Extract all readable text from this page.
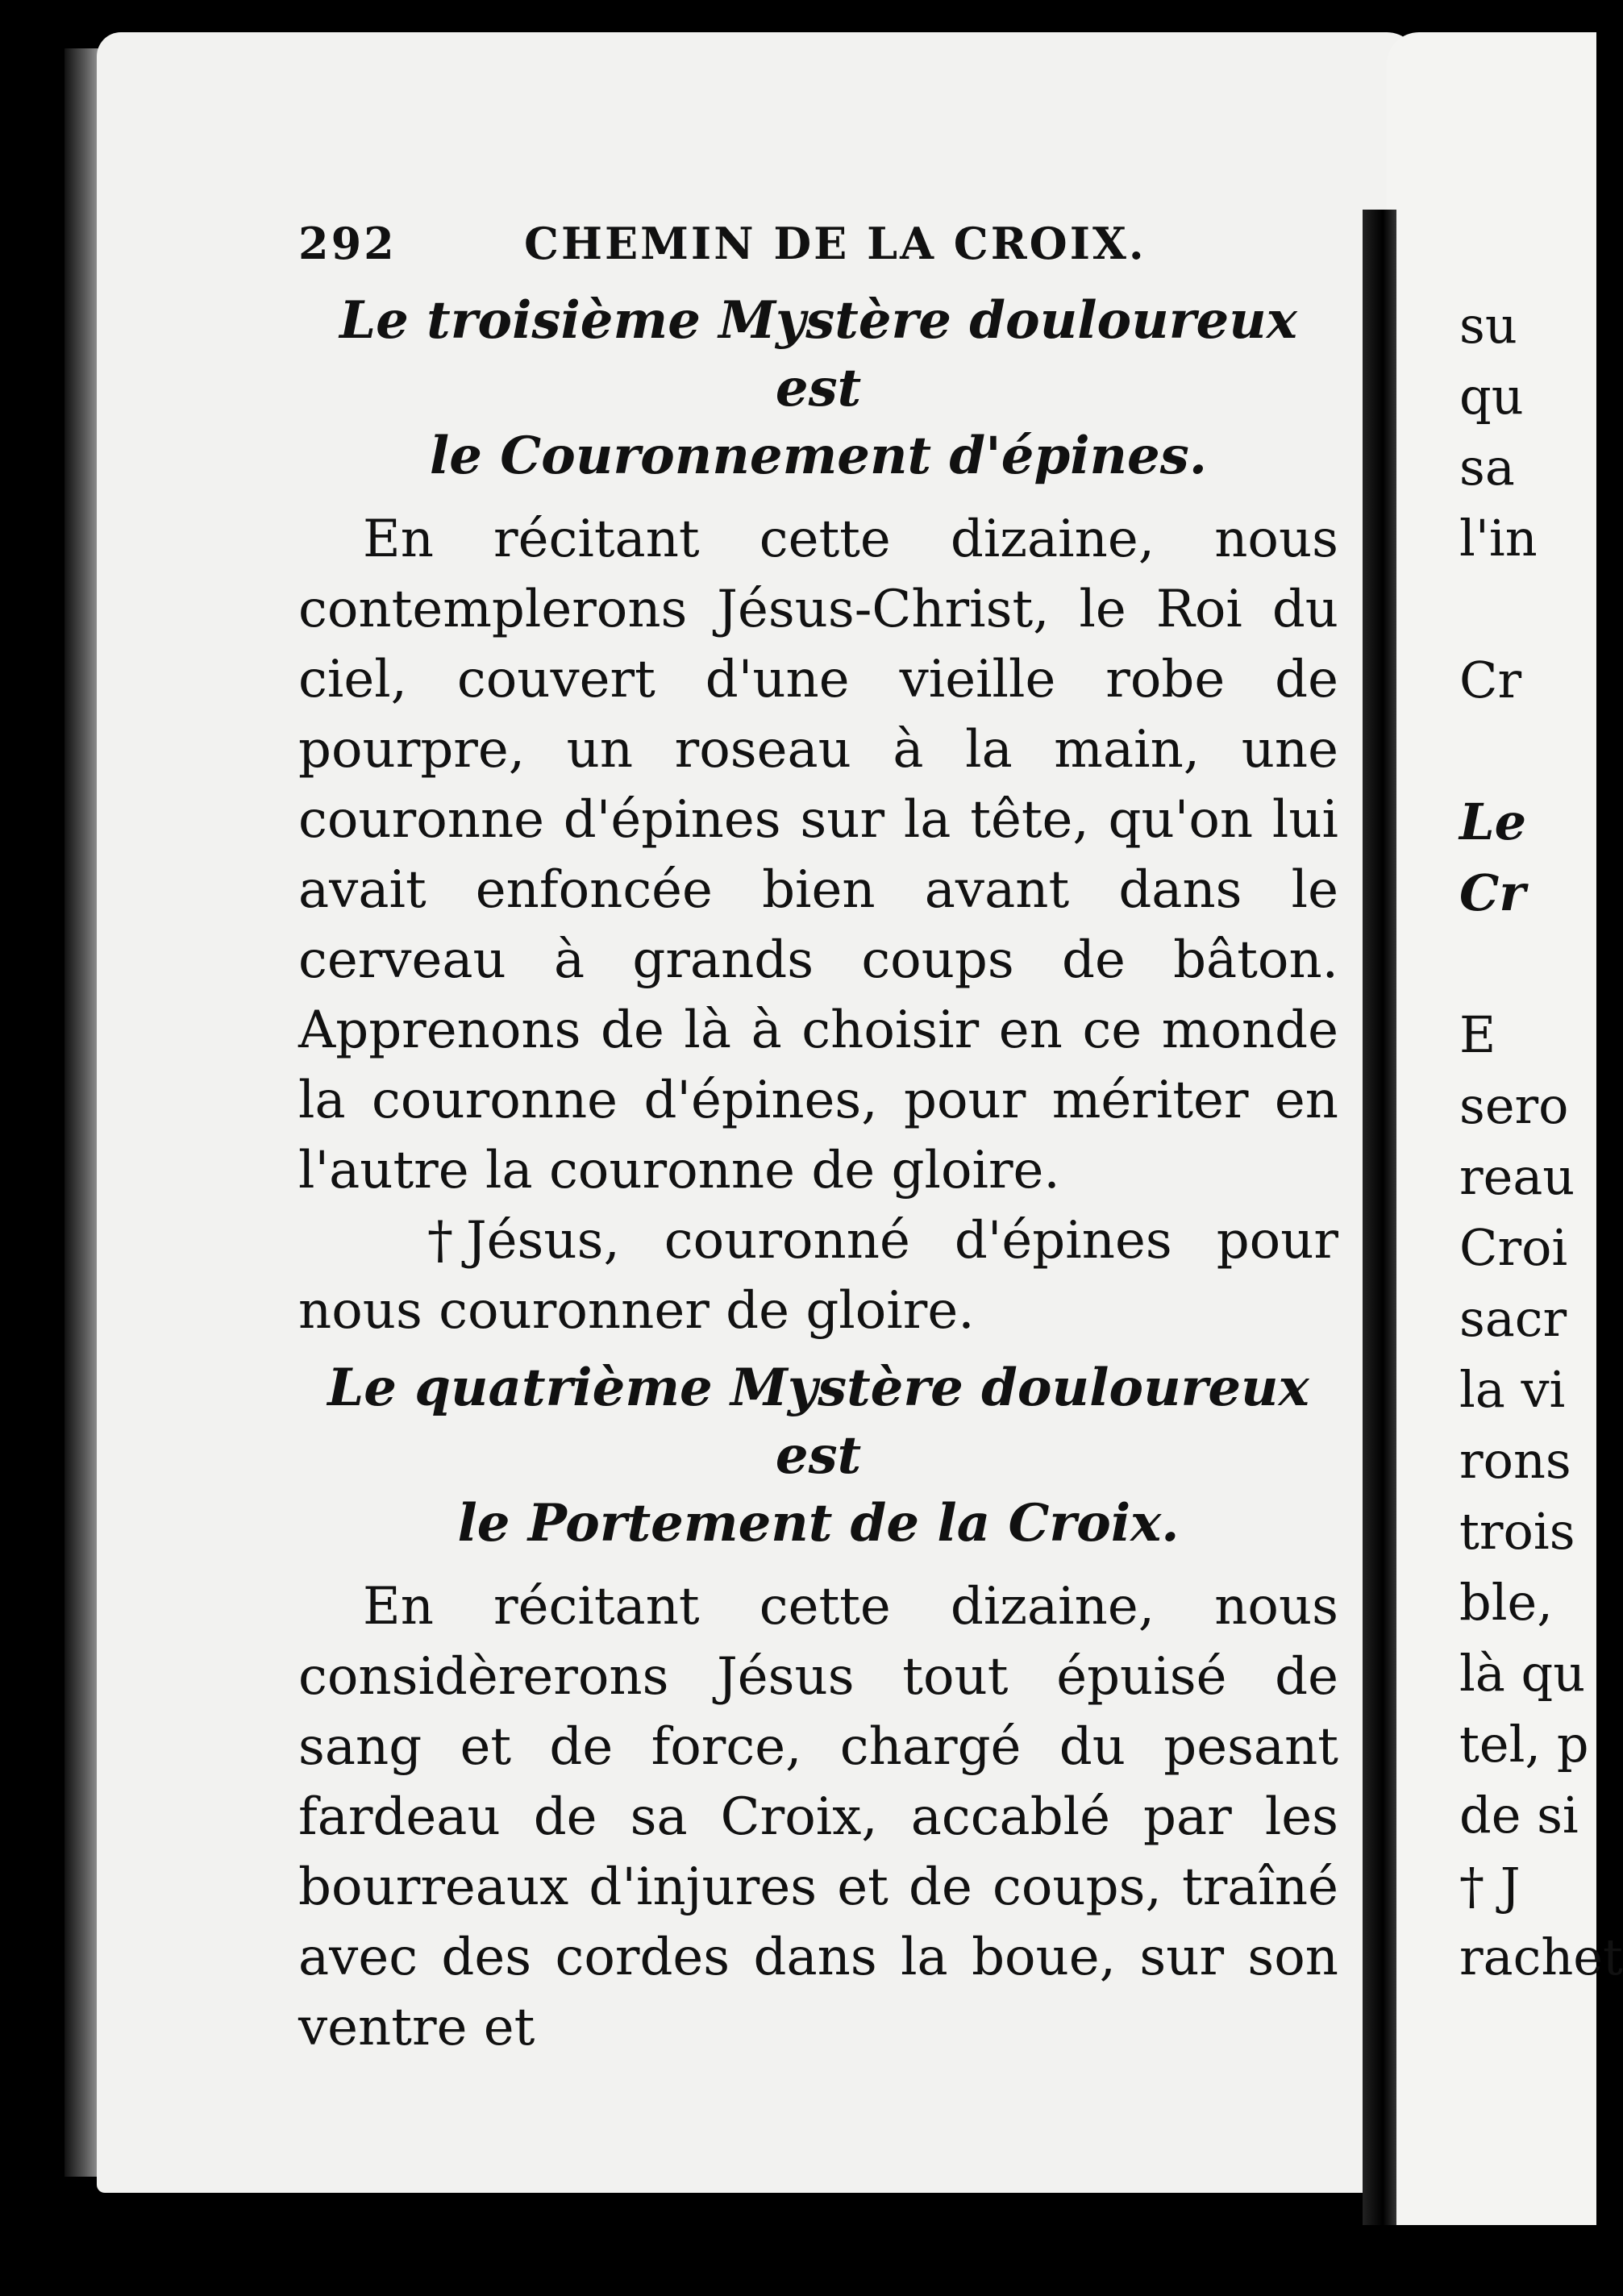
292	CHEMIN DE LA CROIX.
Le troisième Mystère douloureux est
le Couronnement d'épines.

En récitant cette dizaine, nous contemplerons Jésus-Christ, le Roi du ciel, couvert d'une vieille robe de pourpre, un roseau à la main, une couronne d'épines sur la tête, qu'on lui avait enfoncée bien avant dans le cerveau à grands coups de bâton. Apprenons de là à choisir en ce monde la couronne d'épines, pour mériter en l'autre la couronne de gloire.

† Jésus, couronné d'épines pour nous couronner de gloire.

Le quatrième Mystère douloureux est
le Portement de la Croix.

En récitant cette dizaine, nous considèrerons Jésus tout épuisé de sang et de force, chargé du pesant fardeau de sa Croix, accablé par les bourreaux d'injures et de coups, traîné avec des cordes dans la boue, sur son ventre et

su
qu
sa
l'in
Cr
Le
Cr
E
sero
reau
Croi
sacr
la vi
rons
trois
ble,
là qu
tel, p
de si
† J
rachet
